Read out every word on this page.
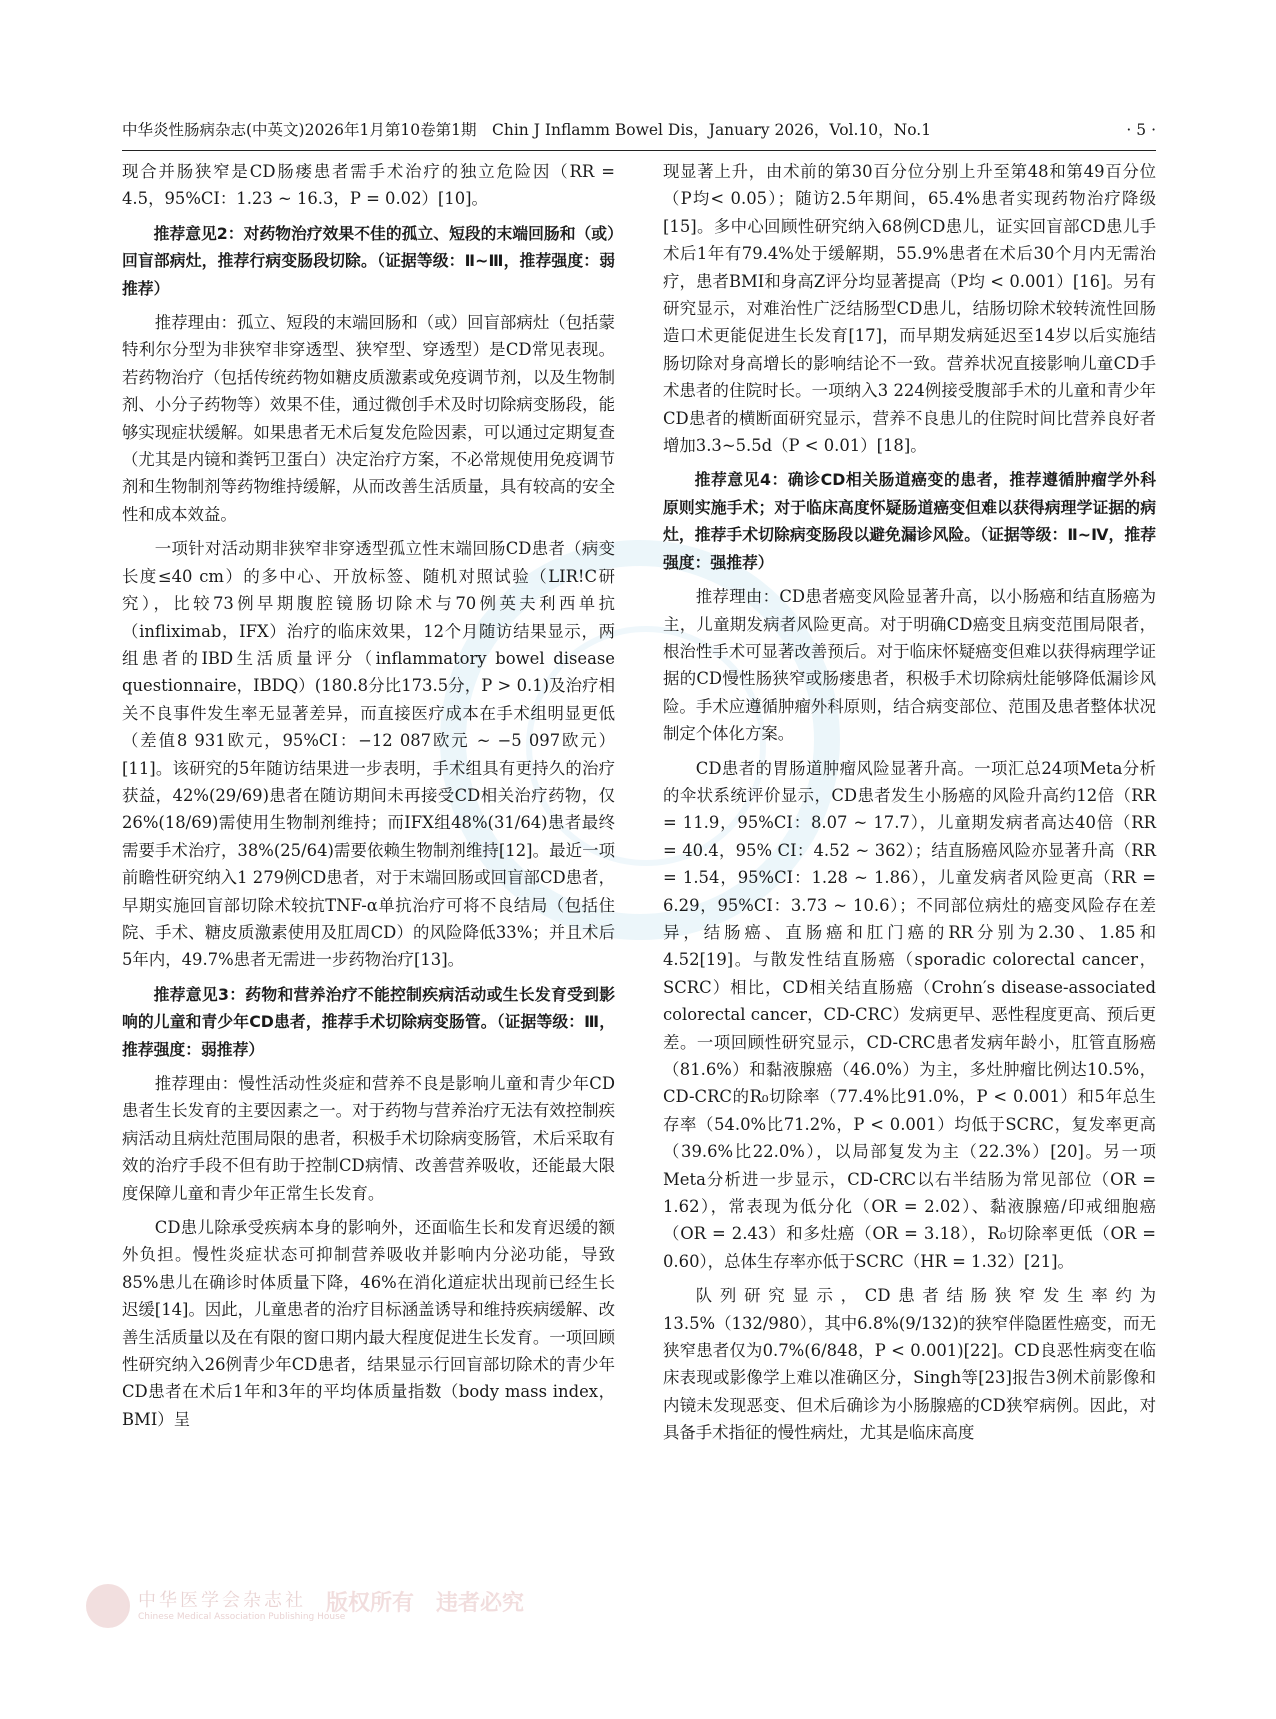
中华炎性肠病杂志(中英文)2026年1月第10卷第1期　Chin J Inflamm Bowel Dis，January 2026，Vol.10，No.1	· 5 ·

现合并肠狭窄是CD肠瘘患者需手术治疗的独立危险因（RR = 4.5，95%CI：1.23 ~ 16.3，P = 0.02）[10]。

推荐意见2：对药物治疗效果不佳的孤立、短段的末端回肠和（或）回盲部病灶，推荐行病变肠段切除。（证据等级：Ⅱ~Ⅲ，推荐强度：弱推荐）

推荐理由：孤立、短段的末端回肠和（或）回盲部病灶（包括蒙特利尔分型为非狭窄非穿透型、狭窄型、穿透型）是CD常见表现。若药物治疗（包括传统药物如糖皮质激素或免疫调节剂，以及生物制剂、小分子药物等）效果不佳，通过微创手术及时切除病变肠段，能够实现症状缓解。如果患者无术后复发危险因素，可以通过定期复查（尤其是内镜和粪钙卫蛋白）决定治疗方案，不必常规使用免疫调节剂和生物制剂等药物维持缓解，从而改善生活质量，具有较高的安全性和成本效益。

一项针对活动期非狭窄非穿透型孤立性末端回肠CD患者（病变长度≤40 cm）的多中心、开放标签、随机对照试验（LIR!C研究），比较73例早期腹腔镜肠切除术与70例英夫利西单抗（infliximab，IFX）治疗的临床效果，12个月随访结果显示，两组患者的IBD生活质量评分（inflammatory bowel disease questionnaire，IBDQ）(180.8分比173.5分，P > 0.1)及治疗相关不良事件发生率无显著差异，而直接医疗成本在手术组明显更低（差值8 931欧元，95%CI：−12 087欧元 ~ −5 097欧元）[11]。该研究的5年随访结果进一步表明，手术组具有更持久的治疗获益，42%(29/69)患者在随访期间未再接受CD相关治疗药物，仅26%(18/69)需使用生物制剂维持；而IFX组48%(31/64)患者最终需要手术治疗，38%(25/64)需要依赖生物制剂维持[12]。最近一项前瞻性研究纳入1 279例CD患者，对于末端回肠或回盲部CD患者，早期实施回盲部切除术较抗TNF-α单抗治疗可将不良结局（包括住院、手术、糖皮质激素使用及肛周CD）的风险降低33%；并且术后5年内，49.7%患者无需进一步药物治疗[13]。

推荐意见3：药物和营养治疗不能控制疾病活动或生长发育受到影响的儿童和青少年CD患者，推荐手术切除病变肠管。（证据等级：Ⅲ，推荐强度：弱推荐）

推荐理由：慢性活动性炎症和营养不良是影响儿童和青少年CD患者生长发育的主要因素之一。对于药物与营养治疗无法有效控制疾病活动且病灶范围局限的患者，积极手术切除病变肠管，术后采取有效的治疗手段不但有助于控制CD病情、改善营养吸收，还能最大限度保障儿童和青少年正常生长发育。

CD患儿除承受疾病本身的影响外，还面临生长和发育迟缓的额外负担。慢性炎症状态可抑制营养吸收并影响内分泌功能，导致85%患儿在确诊时体质量下降，46%在消化道症状出现前已经生长迟缓[14]。因此，儿童患者的治疗目标涵盖诱导和维持疾病缓解、改善生活质量以及在有限的窗口期内最大程度促进生长发育。一项回顾性研究纳入26例青少年CD患者，结果显示行回盲部切除术的青少年CD患者在术后1年和3年的平均体质量指数（body mass index，BMI）呈

现显著上升，由术前的第30百分位分别上升至第48和第49百分位（P均< 0.05）；随访2.5年期间，65.4%患者实现药物治疗降级[15]。多中心回顾性研究纳入68例CD患儿，证实回盲部CD患儿手术后1年有79.4%处于缓解期，55.9%患者在术后30个月内无需治疗，患者BMI和身高Z评分均显著提高（P均 < 0.001）[16]。另有研究显示，对难治性广泛结肠型CD患儿，结肠切除术较转流性回肠造口术更能促进生长发育[17]，而早期发病延迟至14岁以后实施结肠切除对身高增长的影响结论不一致。营养状况直接影响儿童CD手术患者的住院时长。一项纳入3 224例接受腹部手术的儿童和青少年CD患者的横断面研究显示，营养不良患儿的住院时间比营养良好者增加3.3~5.5d（P < 0.01）[18]。

推荐意见4：确诊CD相关肠道癌变的患者，推荐遵循肿瘤学外科原则实施手术；对于临床高度怀疑肠道癌变但难以获得病理学证据的病灶，推荐手术切除病变肠段以避免漏诊风险。（证据等级：Ⅱ~Ⅳ，推荐强度：强推荐）

推荐理由：CD患者癌变风险显著升高，以小肠癌和结直肠癌为主，儿童期发病者风险更高。对于明确CD癌变且病变范围局限者，根治性手术可显著改善预后。对于临床怀疑癌变但难以获得病理学证据的CD慢性肠狭窄或肠瘘患者，积极手术切除病灶能够降低漏诊风险。手术应遵循肿瘤外科原则，结合病变部位、范围及患者整体状况制定个体化方案。

CD患者的胃肠道肿瘤风险显著升高。一项汇总24项Meta分析的伞状系统评价显示，CD患者发生小肠癌的风险升高约12倍（RR = 11.9，95%CI：8.07 ~ 17.7），儿童期发病者高达40倍（RR = 40.4，95% CI：4.52 ~ 362）；结直肠癌风险亦显著升高（RR = 1.54，95%CI：1.28 ~ 1.86），儿童发病者风险更高（RR = 6.29，95%CI：3.73 ~ 10.6）；不同部位病灶的癌变风险存在差异，结肠癌、直肠癌和肛门癌的RR分别为2.30、1.85和4.52[19]。与散发性结直肠癌（sporadic colorectal cancer，SCRC）相比，CD相关结直肠癌（Crohn′s disease-associated colorectal cancer，CD-CRC）发病更早、恶性程度更高、预后更差。一项回顾性研究显示，CD-CRC患者发病年龄小，肛管直肠癌（81.6%）和黏液腺癌（46.0%）为主，多灶肿瘤比例达10.5%，CD-CRC的R₀切除率（77.4%比91.0%，P < 0.001）和5年总生存率（54.0%比71.2%，P < 0.001）均低于SCRC，复发率更高（39.6%比22.0%），以局部复发为主（22.3%）[20]。另一项Meta分析进一步显示，CD-CRC以右半结肠为常见部位（OR = 1.62），常表现为低分化（OR = 2.02）、黏液腺癌/印戒细胞癌（OR = 2.43）和多灶癌（OR = 3.18），R₀切除率更低（OR = 0.60），总体生存率亦低于SCRC（HR = 1.32）[21]。

队列研究显示，CD患者结肠狭窄发生率约为13.5%（132/980），其中6.8%(9/132)的狭窄伴隐匿性癌变，而无狭窄患者仅为0.7%(6/848，P < 0.001)[22]。CD良恶性病变在临床表现或影像学上难以准确区分，Singh等[23]报告3例术前影像和内镜未发现恶变、但术后确诊为小肠腺癌的CD狭窄病例。因此，对具备手术指征的慢性病灶，尤其是临床高度

中华医学会杂志社
Chinese Medical Association Publishing House
版权所有 违者必究
